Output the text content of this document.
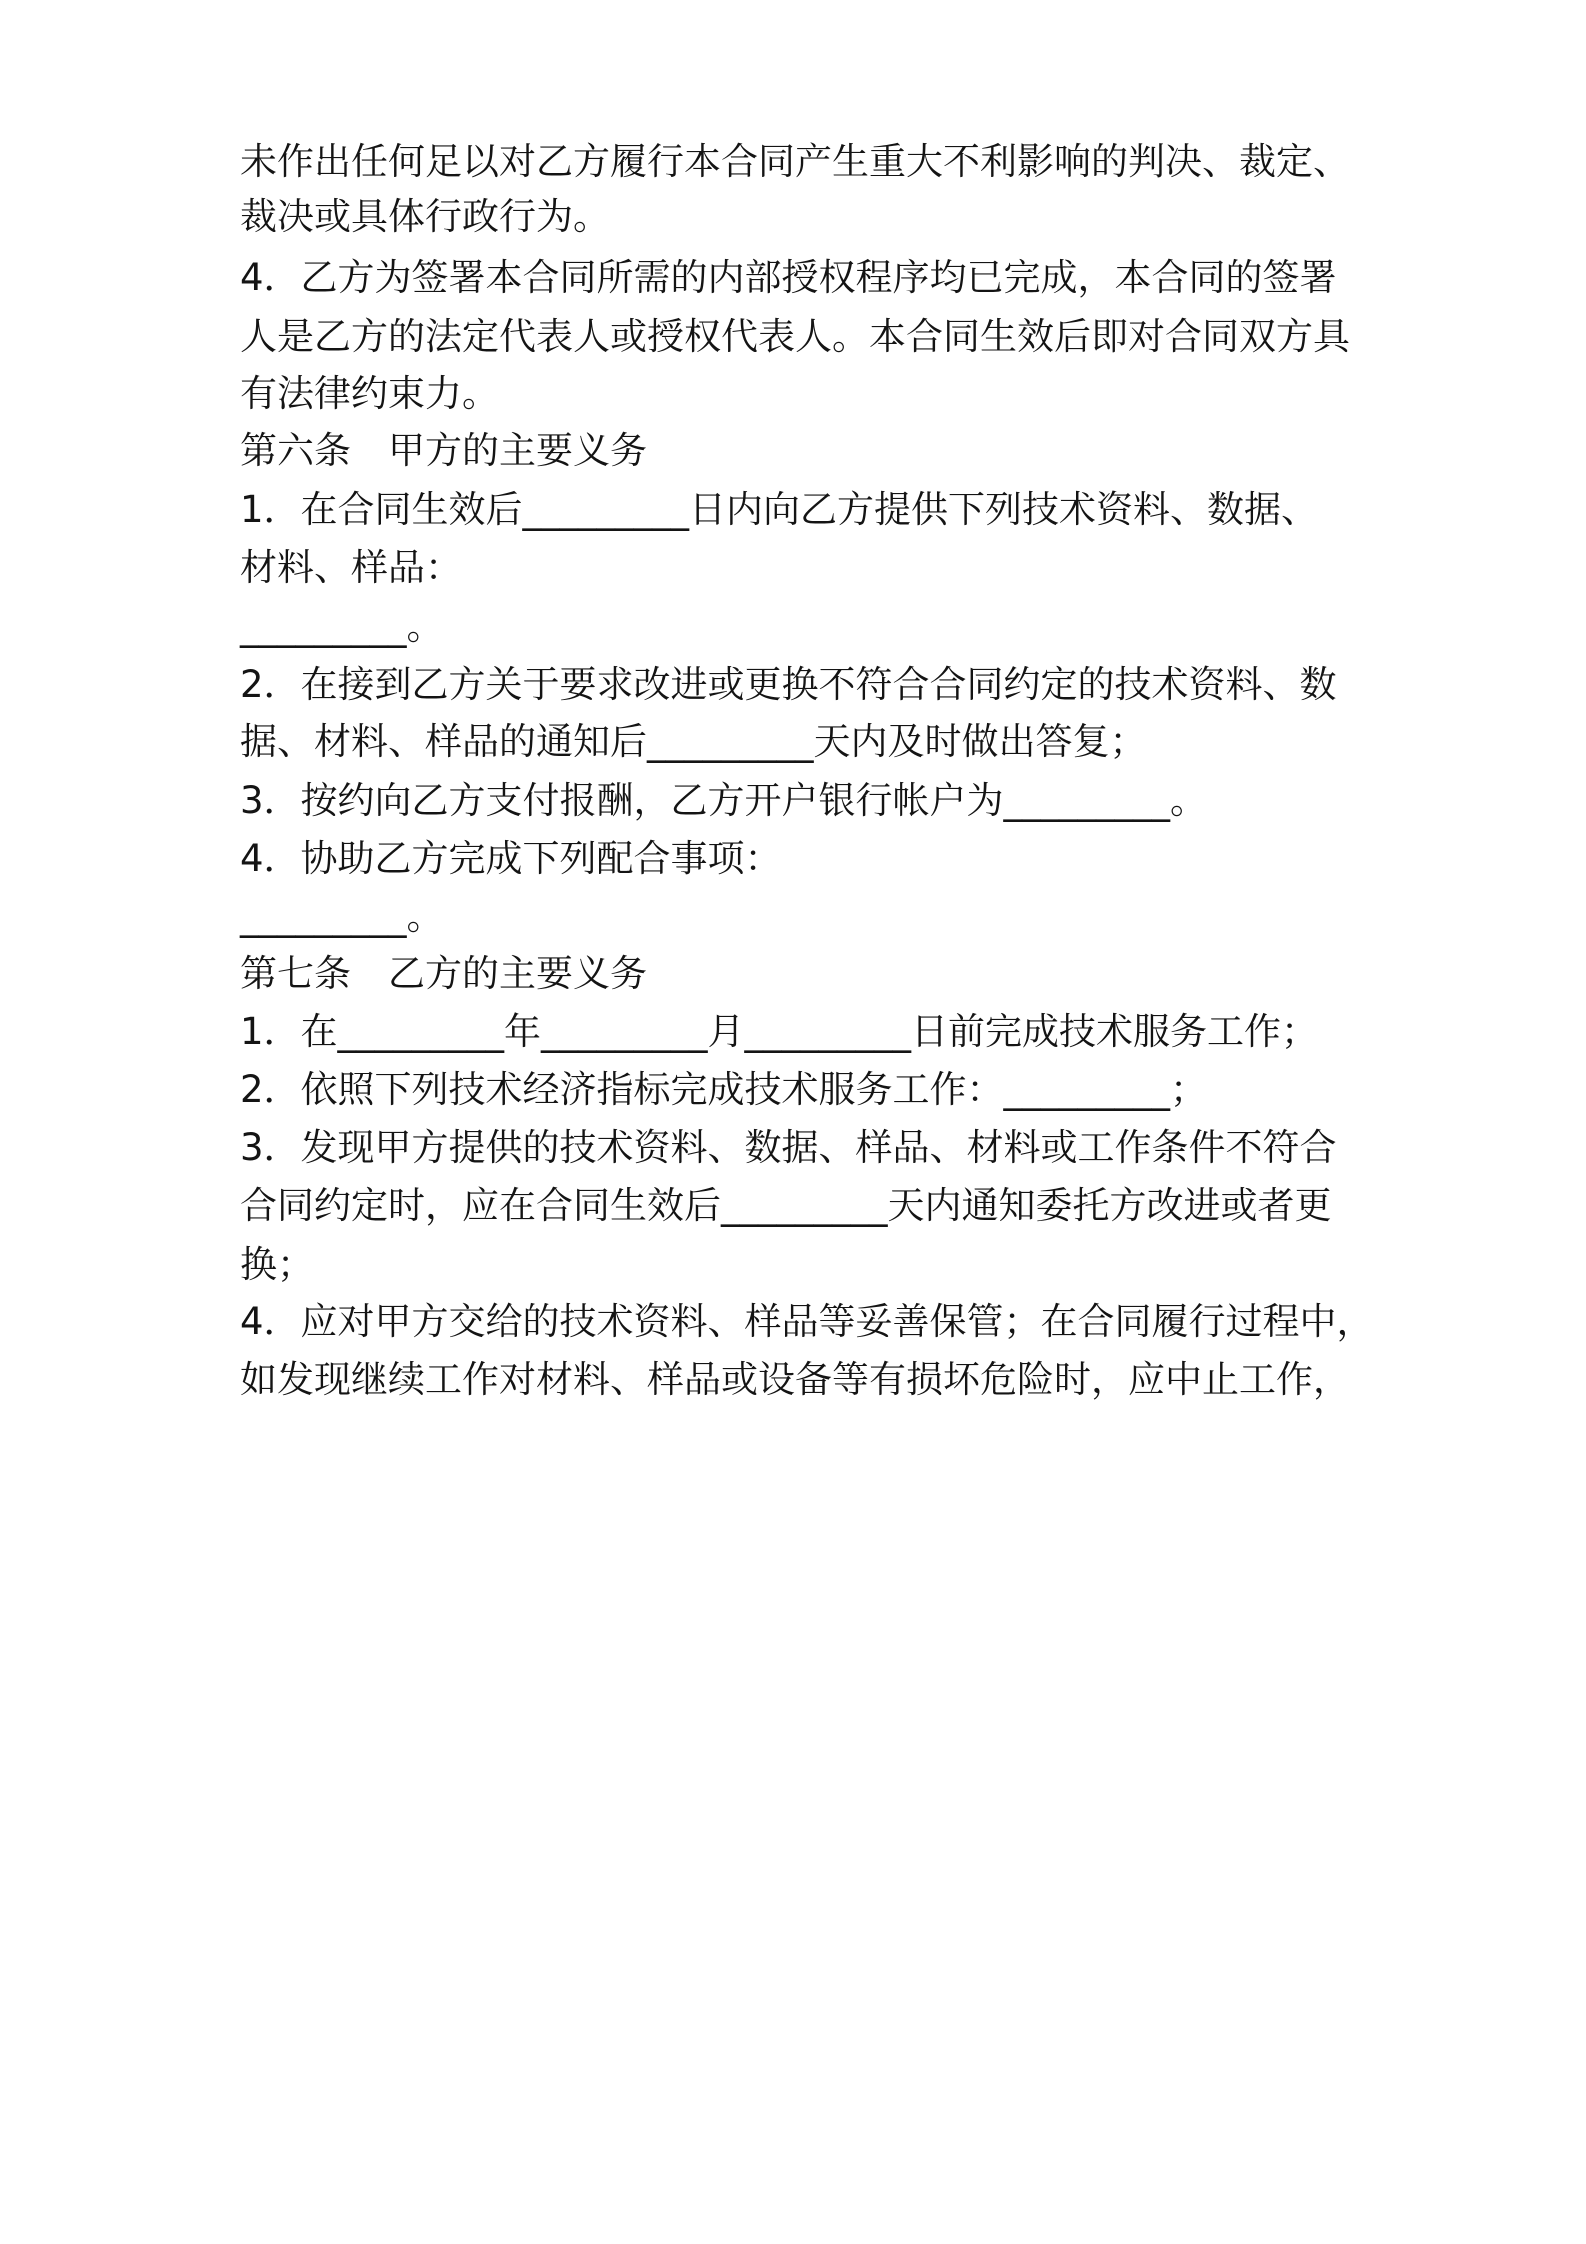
未作出任何足以对乙方履行本合同产生重大不利影响的判决、裁定、

裁决或具体行政行为。

4．乙方为签署本合同所需的内部授权程序均已完成，本合同的签署

人是乙方的法定代表人或授权代表人。本合同生效后即对合同双方具

有法律约束力。

第六条　甲方的主要义务

1．在合同生效后_________日内向乙方提供下列技术资料、数据、

材料、样品：

_________。

2．在接到乙方关于要求改进或更换不符合合同约定的技术资料、数

据、材料、样品的通知后_________天内及时做出答复；

3．按约向乙方支付报酬，乙方开户银行帐户为_________。

4．协助乙方完成下列配合事项：

_________。

第七条　乙方的主要义务

1．在_________年_________月_________日前完成技术服务工作；

2．依照下列技术经济指标完成技术服务工作：_________；

3．发现甲方提供的技术资料、数据、样品、材料或工作条件不符合

合同约定时，应在合同生效后_________天内通知委托方改进或者更

换；

4．应对甲方交给的技术资料、样品等妥善保管；在合同履行过程中，

如发现继续工作对材料、样品或设备等有损坏危险时，应中止工作，
